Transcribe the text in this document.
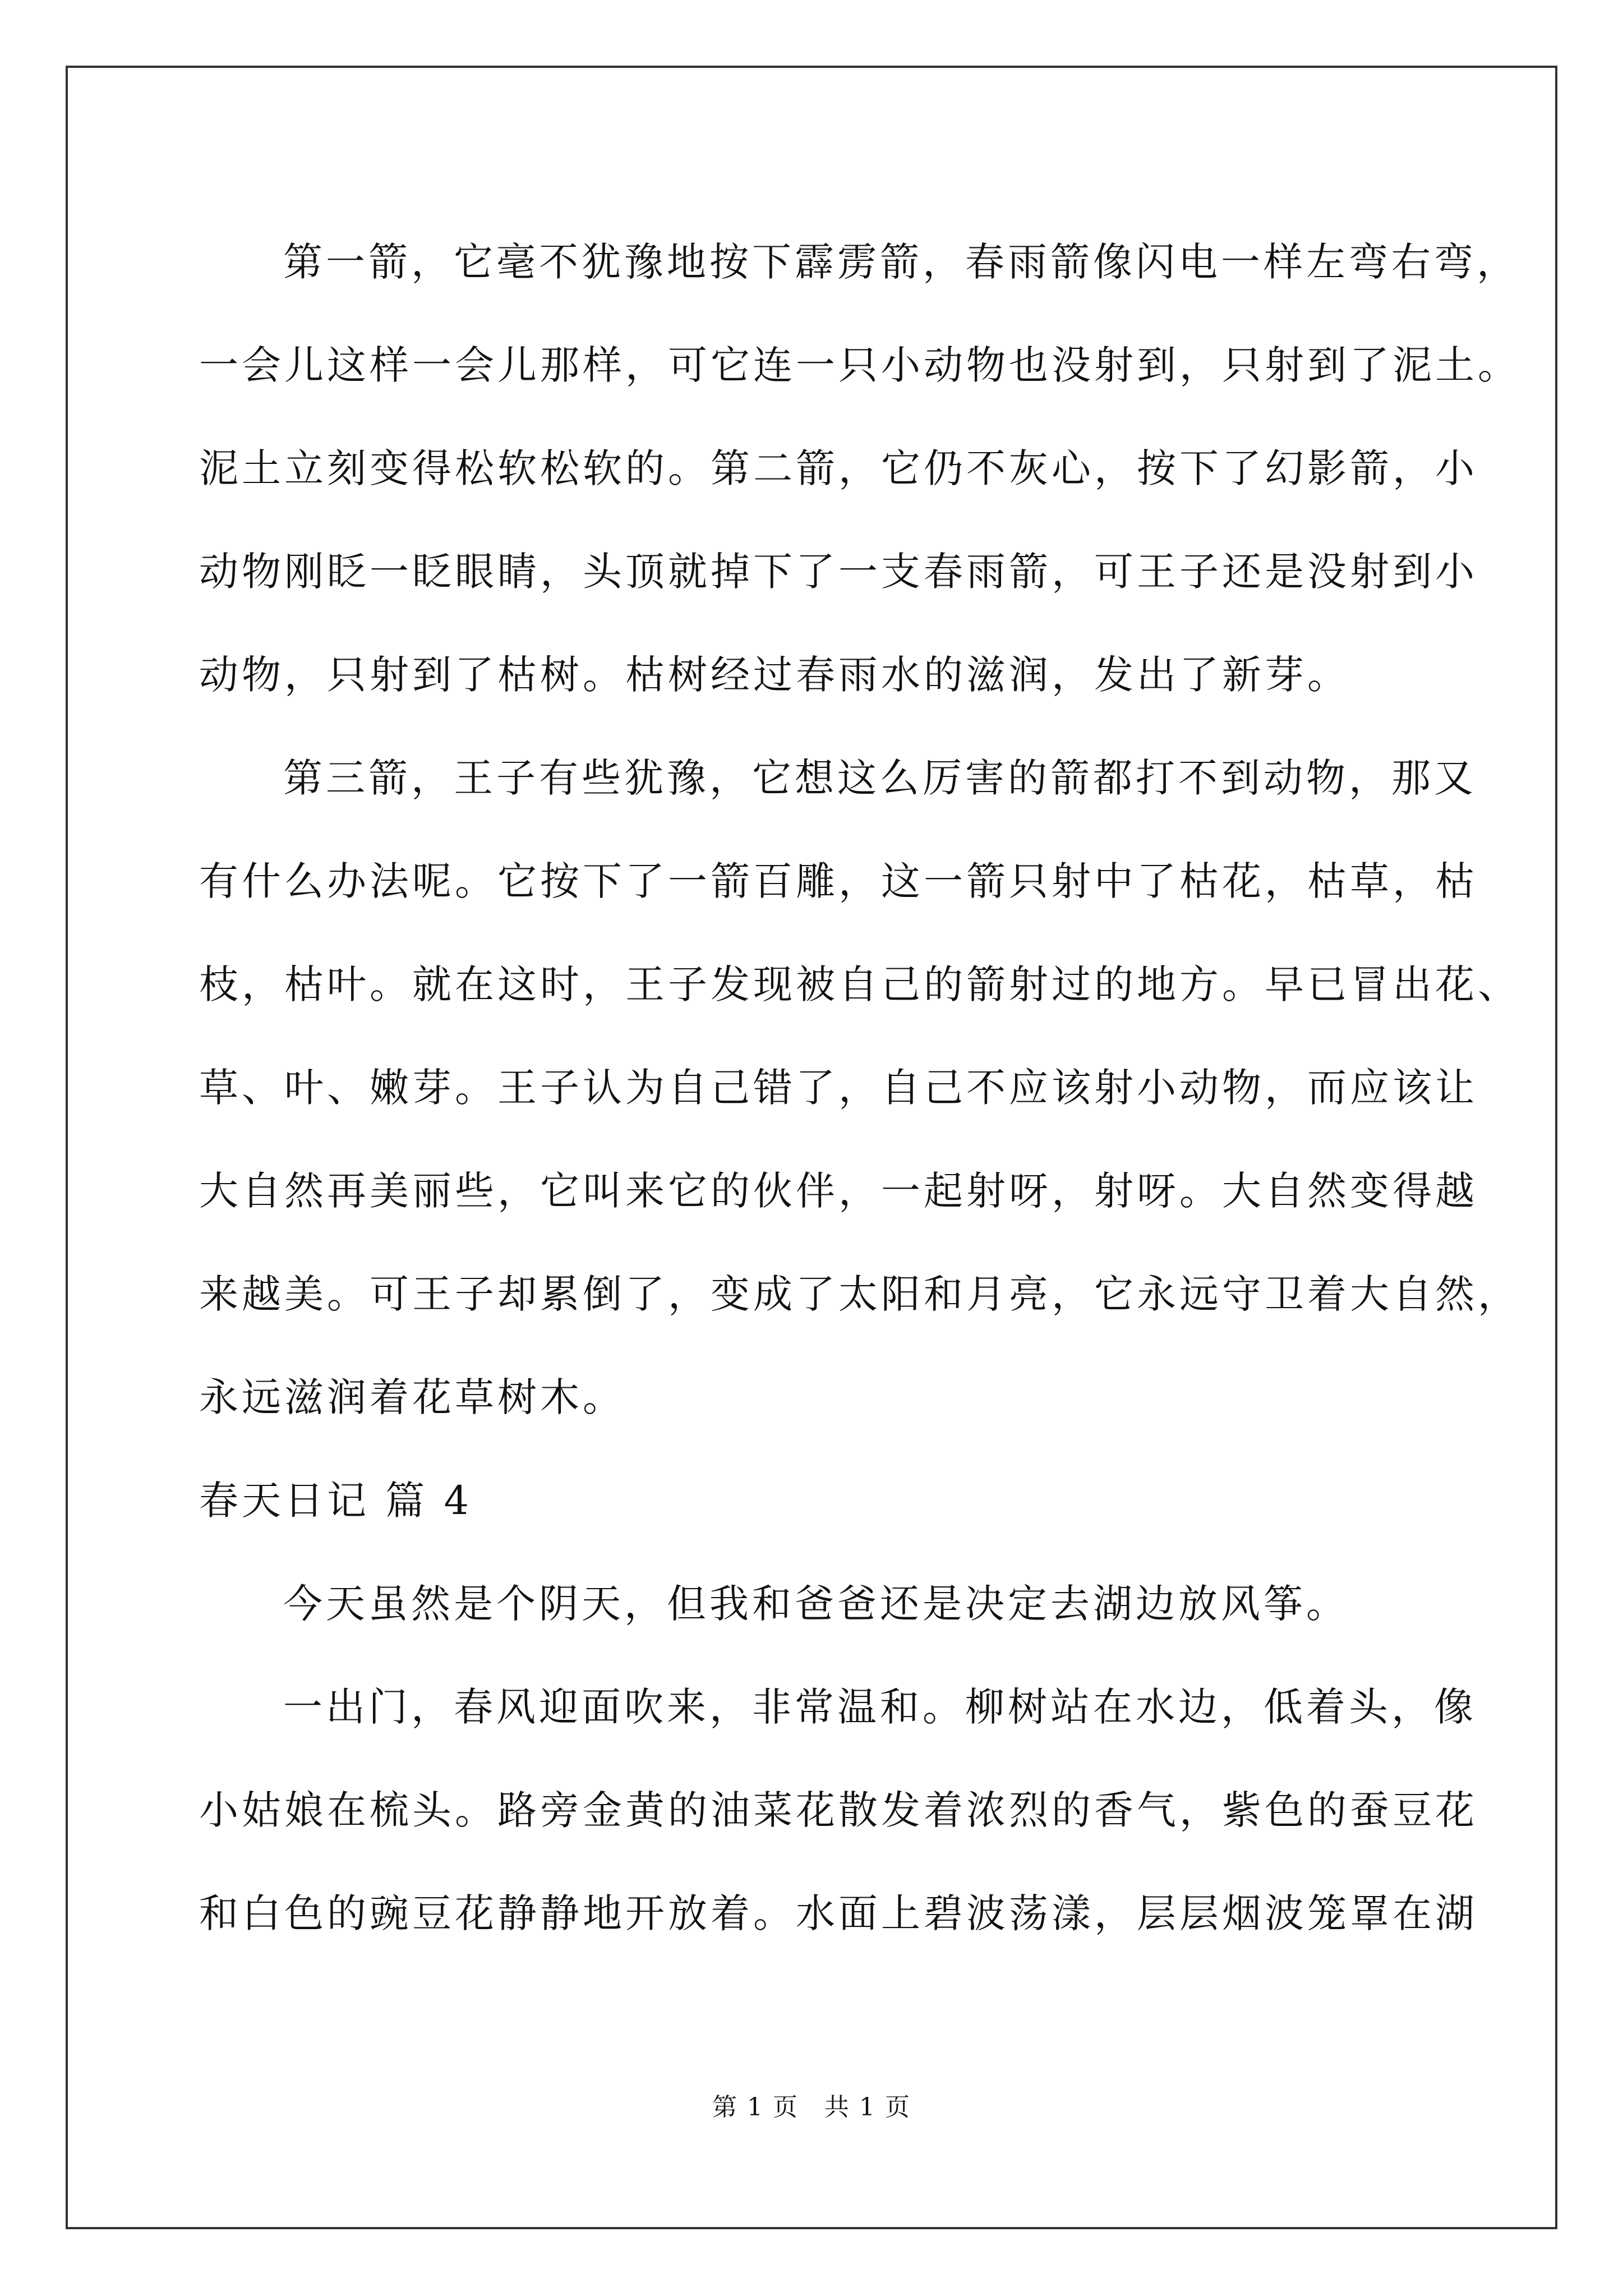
第一箭，它毫不犹豫地按下霹雳箭，春雨箭像闪电一样左弯右弯，
一会儿这样一会儿那样，可它连一只小动物也没射到，只射到了泥土。
泥土立刻变得松软松软的。第二箭，它仍不灰心，按下了幻影箭，小
动物刚眨一眨眼睛，头顶就掉下了一支春雨箭，可王子还是没射到小
动物，只射到了枯树。枯树经过春雨水的滋润，发出了新芽。
第三箭，王子有些犹豫，它想这么厉害的箭都打不到动物，那又
有什么办法呢。它按下了一箭百雕，这一箭只射中了枯花，枯草，枯
枝，枯叶。就在这时，王子发现被自己的箭射过的地方。早已冒出花、
草、叶、嫩芽。王子认为自己错了，自己不应该射小动物，而应该让
大自然再美丽些，它叫来它的伙伴，一起射呀，射呀。大自然变得越
来越美。可王子却累倒了，变成了太阳和月亮，它永远守卫着大自然，
永远滋润着花草树木。
春天日记 篇 4
今天虽然是个阴天，但我和爸爸还是决定去湖边放风筝。
一出门，春风迎面吹来，非常温和。柳树站在水边，低着头，像
小姑娘在梳头。路旁金黄的油菜花散发着浓烈的香气，紫色的蚕豆花
和白色的豌豆花静静地开放着。水面上碧波荡漾，层层烟波笼罩在湖
第 1 页　共 1 页
